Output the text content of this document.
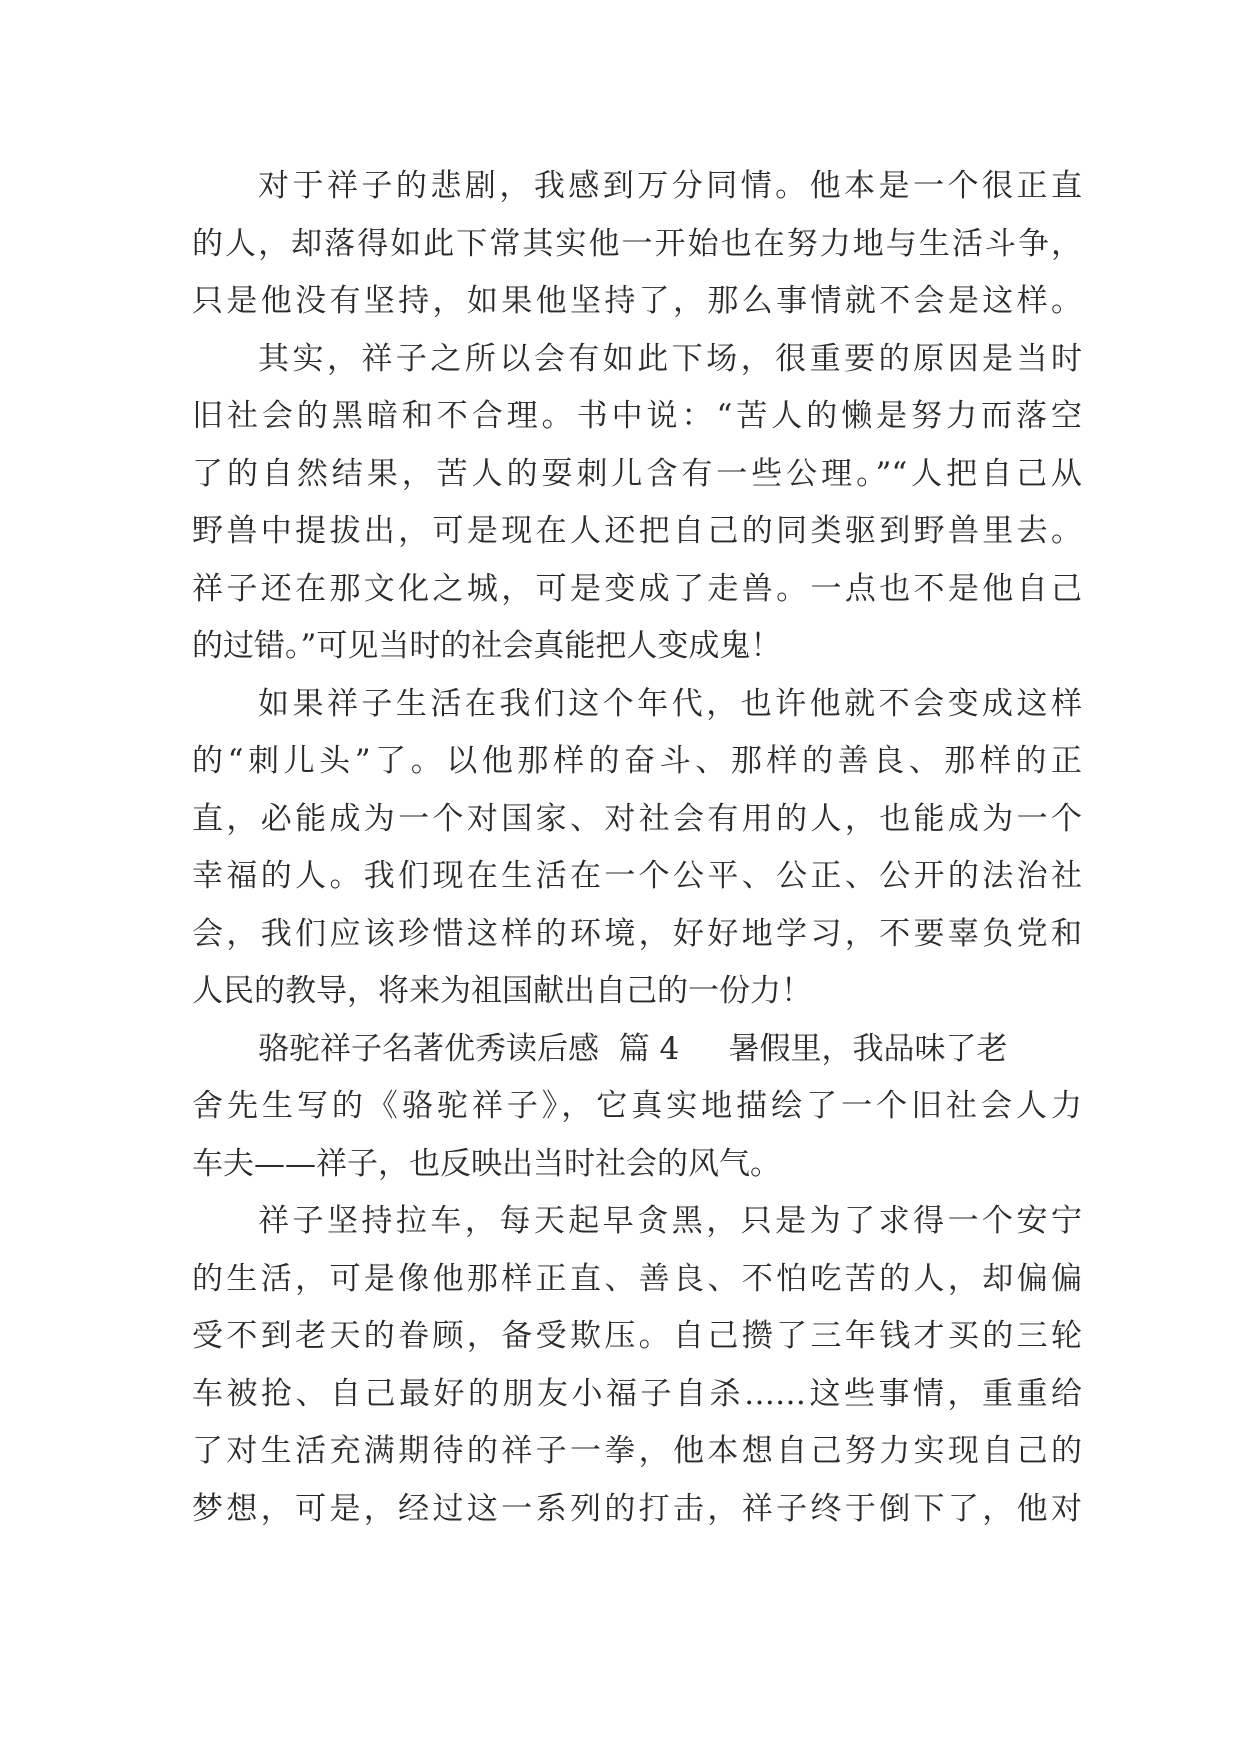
对于祥子的悲剧，我感到万分同情。他本是一个很正直
的人，却落得如此下常其实他一开始也在努力地与生活斗争，
只是他没有坚持，如果他坚持了，那么事情就不会是这样。
其实，祥子之所以会有如此下场，很重要的原因是当时
旧社会的黑暗和不合理。书中说：“苦人的懒是努力而落空
了的自然结果，苦人的耍刺儿含有一些公理。”“人把自己从
野兽中提拔出，可是现在人还把自己的同类驱到野兽里去。
祥子还在那文化之城，可是变成了走兽。一点也不是他自己
的过错。”可见当时的社会真能把人变成鬼！
如果祥子生活在我们这个年代，也许他就不会变成这样
的“刺儿头”了。以他那样的奋斗、那样的善良、那样的正
直，必能成为一个对国家、对社会有用的人，也能成为一个
幸福的人。我们现在生活在一个公平、公正、公开的法治社
会，我们应该珍惜这样的环境，好好地学习，不要辜负党和
人民的教导，将来为祖国献出自己的一份力！
骆驼祥子名著优秀读后感  篇 4     暑假里，我品味了老
舍先生写的《骆驼祥子》，它真实地描绘了一个旧社会人力
车夫——祥子，也反映出当时社会的风气。
祥子坚持拉车，每天起早贪黑，只是为了求得一个安宁
的生活，可是像他那样正直、善良、不怕吃苦的人，却偏偏
受不到老天的眷顾，备受欺压。自己攒了三年钱才买的三轮
车被抢、自己最好的朋友小福子自杀……这些事情，重重给
了对生活充满期待的祥子一拳，他本想自己努力实现自己的
梦想，可是，经过这一系列的打击，祥子终于倒下了，他对
